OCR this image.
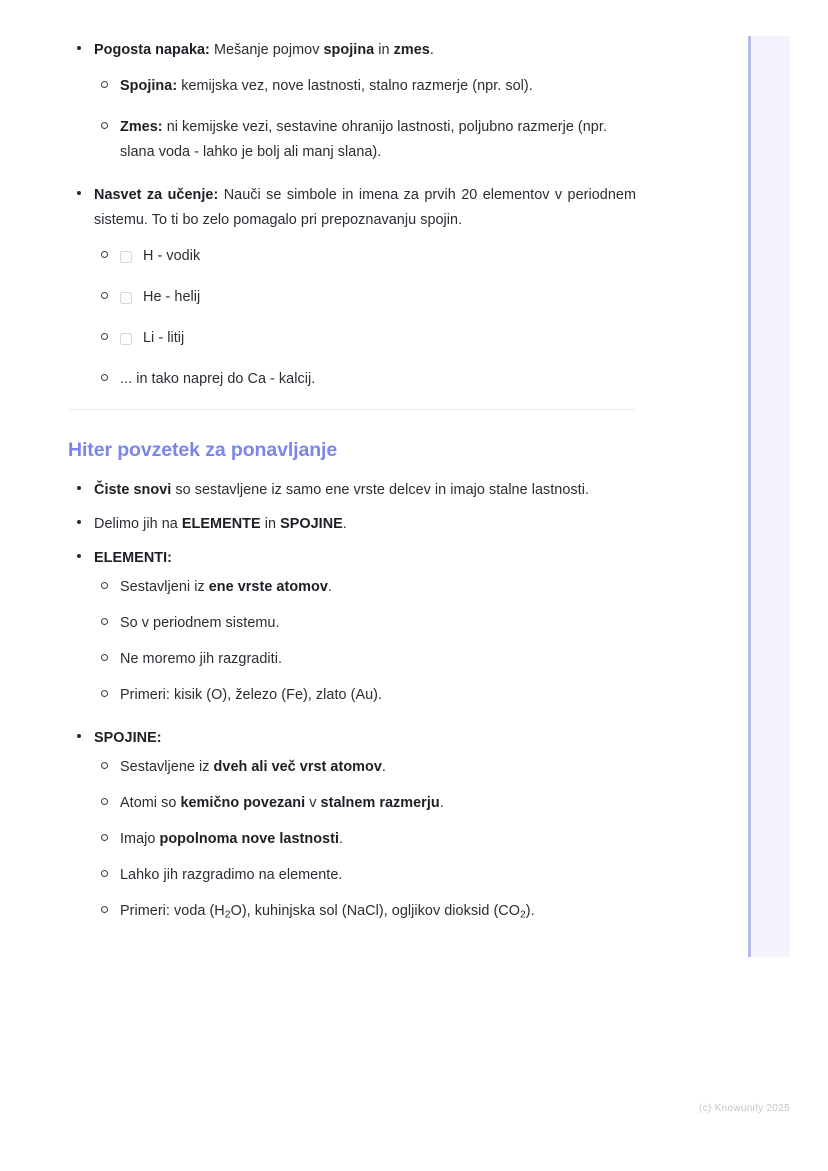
Pogosta napaka: Mešanje pojmov spojina in zmes.
Spojina: kemijska vez, nove lastnosti, stalno razmerje (npr. sol).
Zmes: ni kemijske vezi, sestavine ohranijo lastnosti, poljubno razmerje (npr. slana voda - lahko je bolj ali manj slana).
Nasvet za učenje: Nauči se simbole in imena za prvih 20 elementov v periodnem sistemu. To ti bo zelo pomagalo pri prepoznavanju spojin.
H - vodik
He - helij
Li - litij
... in tako naprej do Ca - kalcij.
Hiter povzetek za ponavljanje
Čiste snovi so sestavljene iz samo ene vrste delcev in imajo stalne lastnosti.
Delimo jih na ELEMENTE in SPOJINE.
ELEMENTI:
Sestavljeni iz ene vrste atomov.
So v periodnem sistemu.
Ne moremo jih razgraditi.
Primeri: kisik (O), železo (Fe), zlato (Au).
SPOJINE:
Sestavljene iz dveh ali več vrst atomov.
Atomi so kemično povezani v stalnem razmerju.
Imajo popolnoma nove lastnosti.
Lahko jih razgradimo na elemente.
Primeri: voda $(H_2O)$, kuhinjska sol (NaCl), ogljikov dioksid $(CO_2)$.
(c) Knowunity 2025
